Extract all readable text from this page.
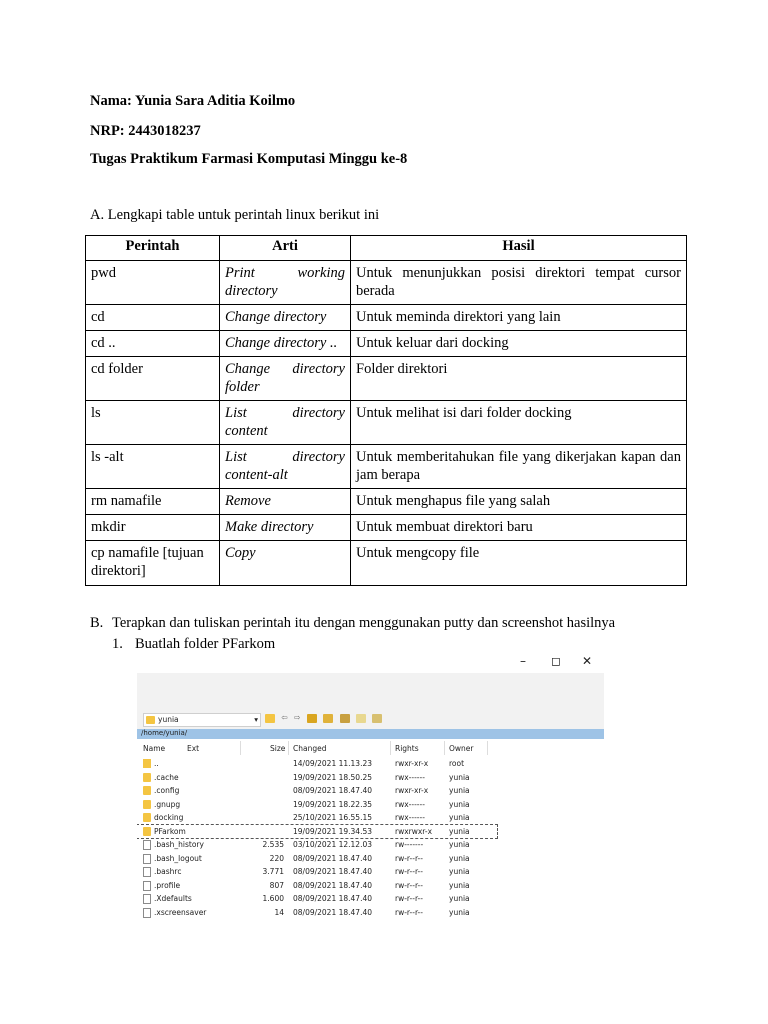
Nama: Yunia Sara Aditia Koilmo
NRP: 2443018237
Tugas Praktikum Farmasi Komputasi Minggu ke-8
A. Lengkapi table untuk perintah linux berikut ini
Perintah	Arti	Hasil
pwd	Print working directory	Untuk menunjukkan posisi direktori tempat cursor berada
cd	Change directory	Untuk meminda direktori yang lain
cd ..	Change directory ..	Untuk keluar dari docking
cd folder	Change directory folder	Folder direktori
ls	List directory content	Untuk melihat isi dari folder docking
ls -alt	List directory content-alt	Untuk memberitahukan file yang dikerjakan kapan dan jam berapa
rm namafile	Remove	Untuk menghapus file yang salah
mkdir	Make directory	Untuk membuat direktori baru
cp namafile [tujuan direktori]	Copy	Untuk mengcopy file
B. Terapkan dan tuliskan perintah itu dengan menggunakan putty dan screenshot hasilnya
1. Buatlah folder PFarkom
– ◻ ✕
yunia	▾	⇦ ⇨
/home/yunia/
Name	Ext	Size Changed	Rights	Owner
..	14/09/2021 11.13.23	rwxr-xr-x	root
.cache	19/09/2021 18.50.25	rwx------	yunia
.config	08/09/2021 18.47.40	rwxr-xr-x	yunia
.gnupg	19/09/2021 18.22.35	rwx------	yunia
docking	25/10/2021 16.55.15	rwx------	yunia
PFarkom	19/09/2021 19.34.53	rwxrwxr-x yunia
.bash_history	2.535 03/10/2021 12.12.03	rw-------	yunia
.bash_logout	220 08/09/2021 18.47.40	rw-r--r--	yunia
.bashrc	3.771 08/09/2021 18.47.40	rw-r--r--	yunia
.profile	807 08/09/2021 18.47.40	rw-r--r--	yunia
.Xdefaults	1.600 08/09/2021 18.47.40	rw-r--r--	yunia
.xscreensaver	14 08/09/2021 18.47.40	rw-r--r--	yunia
